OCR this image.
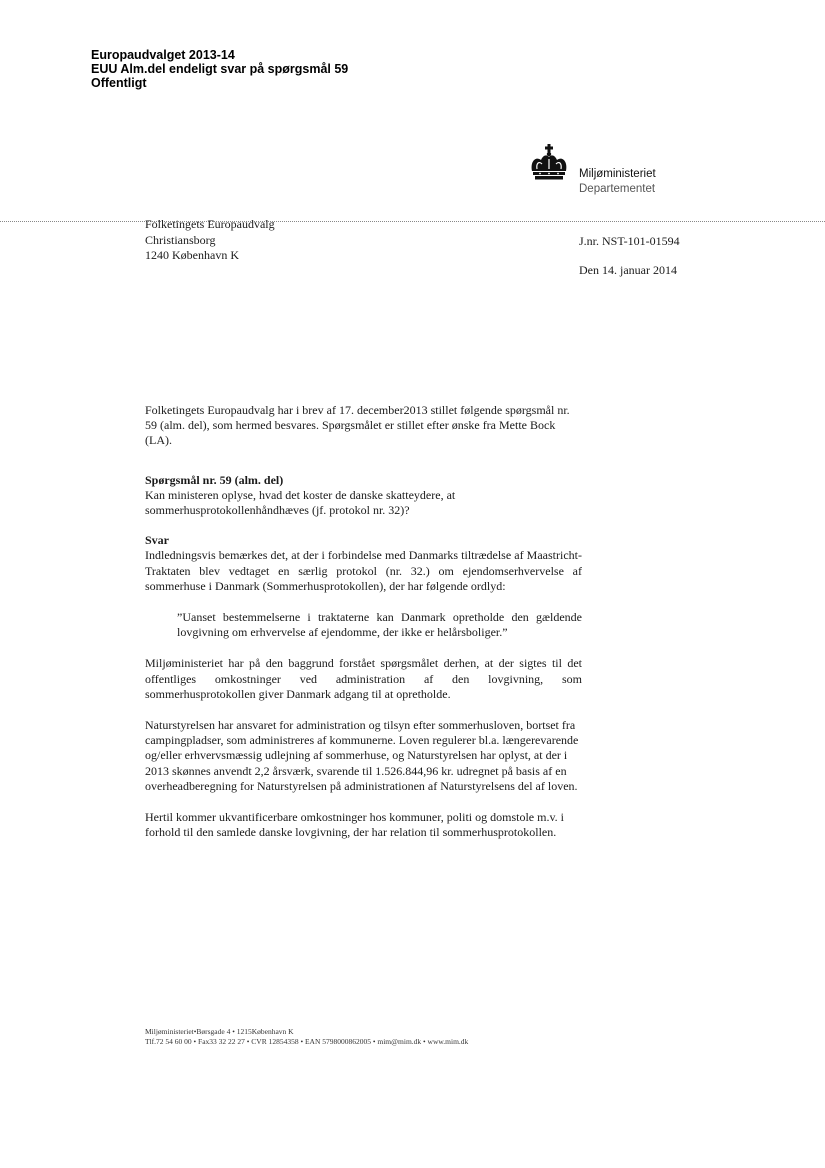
Europaudvalget 2013-14
EUU Alm.del endeligt svar på spørgsmål 59
Offentligt
Miljøministeriet
Departementet
Folketingets Europaudvalg
Christiansborg
1240 København K
J.nr. NST-101-01594
Den 14. januar 2014

Folketingets Europaudvalg har i brev af 17. december2013 stillet følgende spørgsmål nr. 59 (alm. del), som hermed besvares. Spørgsmålet er stillet efter ønske fra Mette Bock (LA).

Spørgsmål nr. 59 (alm. del)

Kan ministeren oplyse, hvad det koster de danske skatteydere, at sommerhusprotokollenhåndhæves (jf. protokol nr. 32)?

Svar

Indledningsvis bemærkes det, at der i forbindelse med Danmarks tiltrædelse af Maastricht-Traktaten blev vedtaget en særlig protokol (nr. 32.) om ejendomserhvervelse af sommerhuse i Danmark (Sommerhusprotokollen), der har følgende ordlyd:

”Uanset bestemmelserne i traktaterne kan Danmark opretholde den gældende lovgivning om erhvervelse af ejendomme, der ikke er helårsboliger.”

Miljøministeriet har på den baggrund forstået spørgsmålet derhen, at der sigtes til det offentliges omkostninger ved administration af den lovgivning, som sommerhusprotokollen giver Danmark adgang til at opretholde.

Naturstyrelsen har ansvaret for administration og tilsyn efter sommerhusloven, bortset fra campingpladser, som administreres af kommunerne. Loven regulerer bl.a. længerevarende og/eller erhvervsmæssig udlejning af sommerhuse, og Naturstyrelsen har oplyst, at der i 2013 skønnes anvendt 2,2 årsværk, svarende til 1.526.844,96 kr. udregnet på basis af en overheadberegning for Naturstyrelsen på administrationen af Naturstyrelsens del af loven.

Hertil kommer ukvantificerbare omkostninger hos kommuner, politi og domstole m.v. i forhold til den samlede danske lovgivning, der har relation til sommerhusprotokollen.

Miljøministeriet•Børsgade 4 • 1215København K
Tlf.72 54 60 00 • Fax33 32 22 27 • CVR 12854358 • EAN 5798000862005 • mim@mim.dk • www.mim.dk
